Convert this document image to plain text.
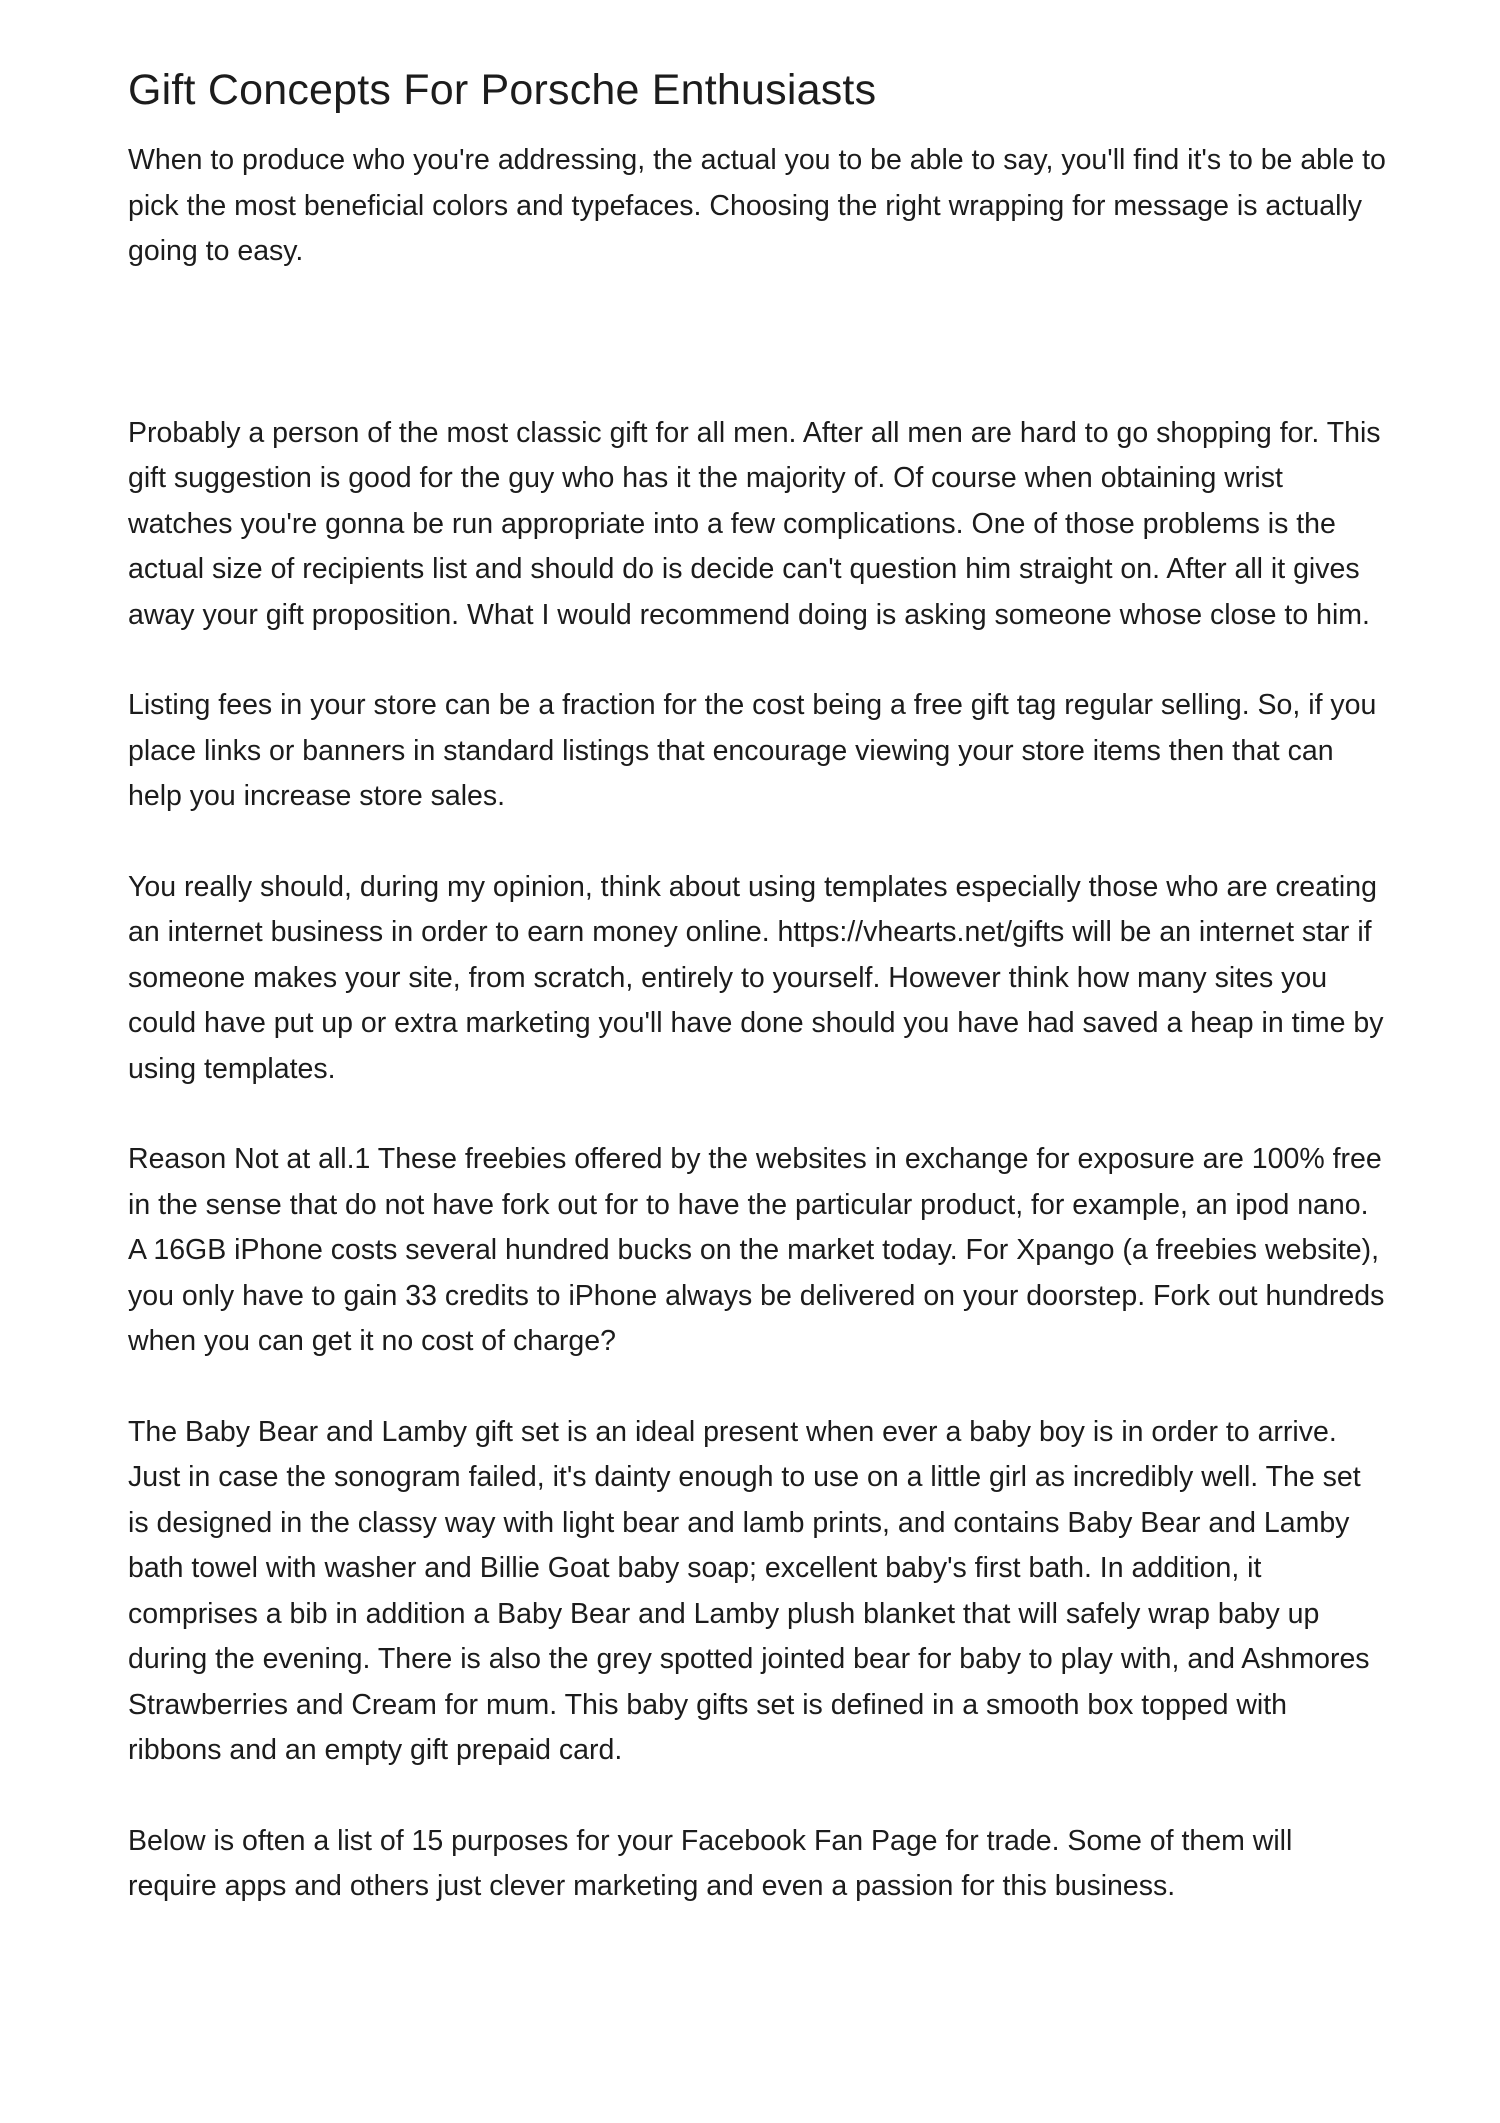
Gift Concepts For Porsche Enthusiasts

When to produce who you're addressing, the actual you to be able to say, you'll find it's to be able to pick the most beneficial colors and typefaces. Choosing the right wrapping for message is actually going to easy.

Probably a person of the most classic gift for all men. After all men are hard to go shopping for. This gift suggestion is good for the guy who has it the majority of. Of course when obtaining wrist watches you're gonna be run appropriate into a few complications. One of those problems is the actual size of recipients list and should do is decide can't question him straight on. After all it gives away your gift proposition. What I would recommend doing is asking someone whose close to him.

Listing fees in your store can be a fraction for the cost being a free gift tag regular selling. So, if you place links or banners in standard listings that encourage viewing your store items then that can help you increase store sales.

You really should, during my opinion, think about using templates especially those who are creating an internet business in order to earn money online. https://vhearts.net/gifts will be an internet star if someone makes your site, from scratch, entirely to yourself. However think how many sites you could have put up or extra marketing you'll have done should you have had saved a heap in time by using templates.

Reason Not at all.1 These freebies offered by the websites in exchange for exposure are 100% free in the sense that do not have fork out for to have the particular product, for example, an ipod nano. A 16GB iPhone costs several hundred bucks on the market today. For Xpango (a freebies website), you only have to gain 33 credits to iPhone always be delivered on your doorstep. Fork out hundreds when you can get it no cost of charge?

The Baby Bear and Lamby gift set is an ideal present when ever a baby boy is in order to arrive. Just in case the sonogram failed, it's dainty enough to use on a little girl as incredibly well. The set is designed in the classy way with light bear and lamb prints, and contains Baby Bear and Lamby bath towel with washer and Billie Goat baby soap; excellent baby's first bath. In addition, it comprises a bib in addition a Baby Bear and Lamby plush blanket that will safely wrap baby up during the evening. There is also the grey spotted jointed bear for baby to play with, and Ashmores Strawberries and Cream for mum. This baby gifts set is defined in a smooth box topped with ribbons and an empty gift prepaid card.

Below is often a list of 15 purposes for your Facebook Fan Page for trade. Some of them will require apps and others just clever marketing and even a passion for this business.
